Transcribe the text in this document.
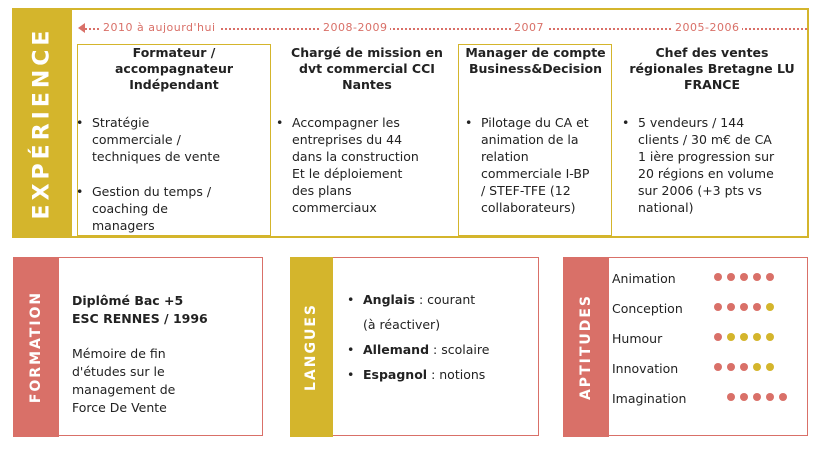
EXPÉRIENCE	2010 à aujourd'hui	2008-2009	2007	2005-2006
Formateur /
accompagnateur
Indépendant
• Stratégie
commerciale /
techniques de vente
• Gestion du temps /
coaching de
managers
Chargé de mission en
dvt commercial CCI
Nantes
• Accompagner les
entreprises du 44
dans la construction
Et le déploiement
des plans
commerciaux
Manager de compte
Business&Decision
• Pilotage du CA et
animation de la
relation
commerciale I-BP
/ STEF-TFE (12
collaborateurs)
Chef des ventes
régionales Bretagne LU
FRANCE
• 5 vendeurs / 144
clients / 30 m€ de CA
1 ière progression sur
20 régions en volume
sur 2006 (+3 pts vs
national)
FORMATION Diplômé Bac +5
ESC RENNES / 1996
Mémoire de fin
d'études sur le
management de
Force De Vente
LANGUES
• Anglais : courant
(à réactiver)
• Allemand : scolaire
• Espagnol : notions	APTITUDES
Animation
Conception
Humour
Innovation
Imagination
